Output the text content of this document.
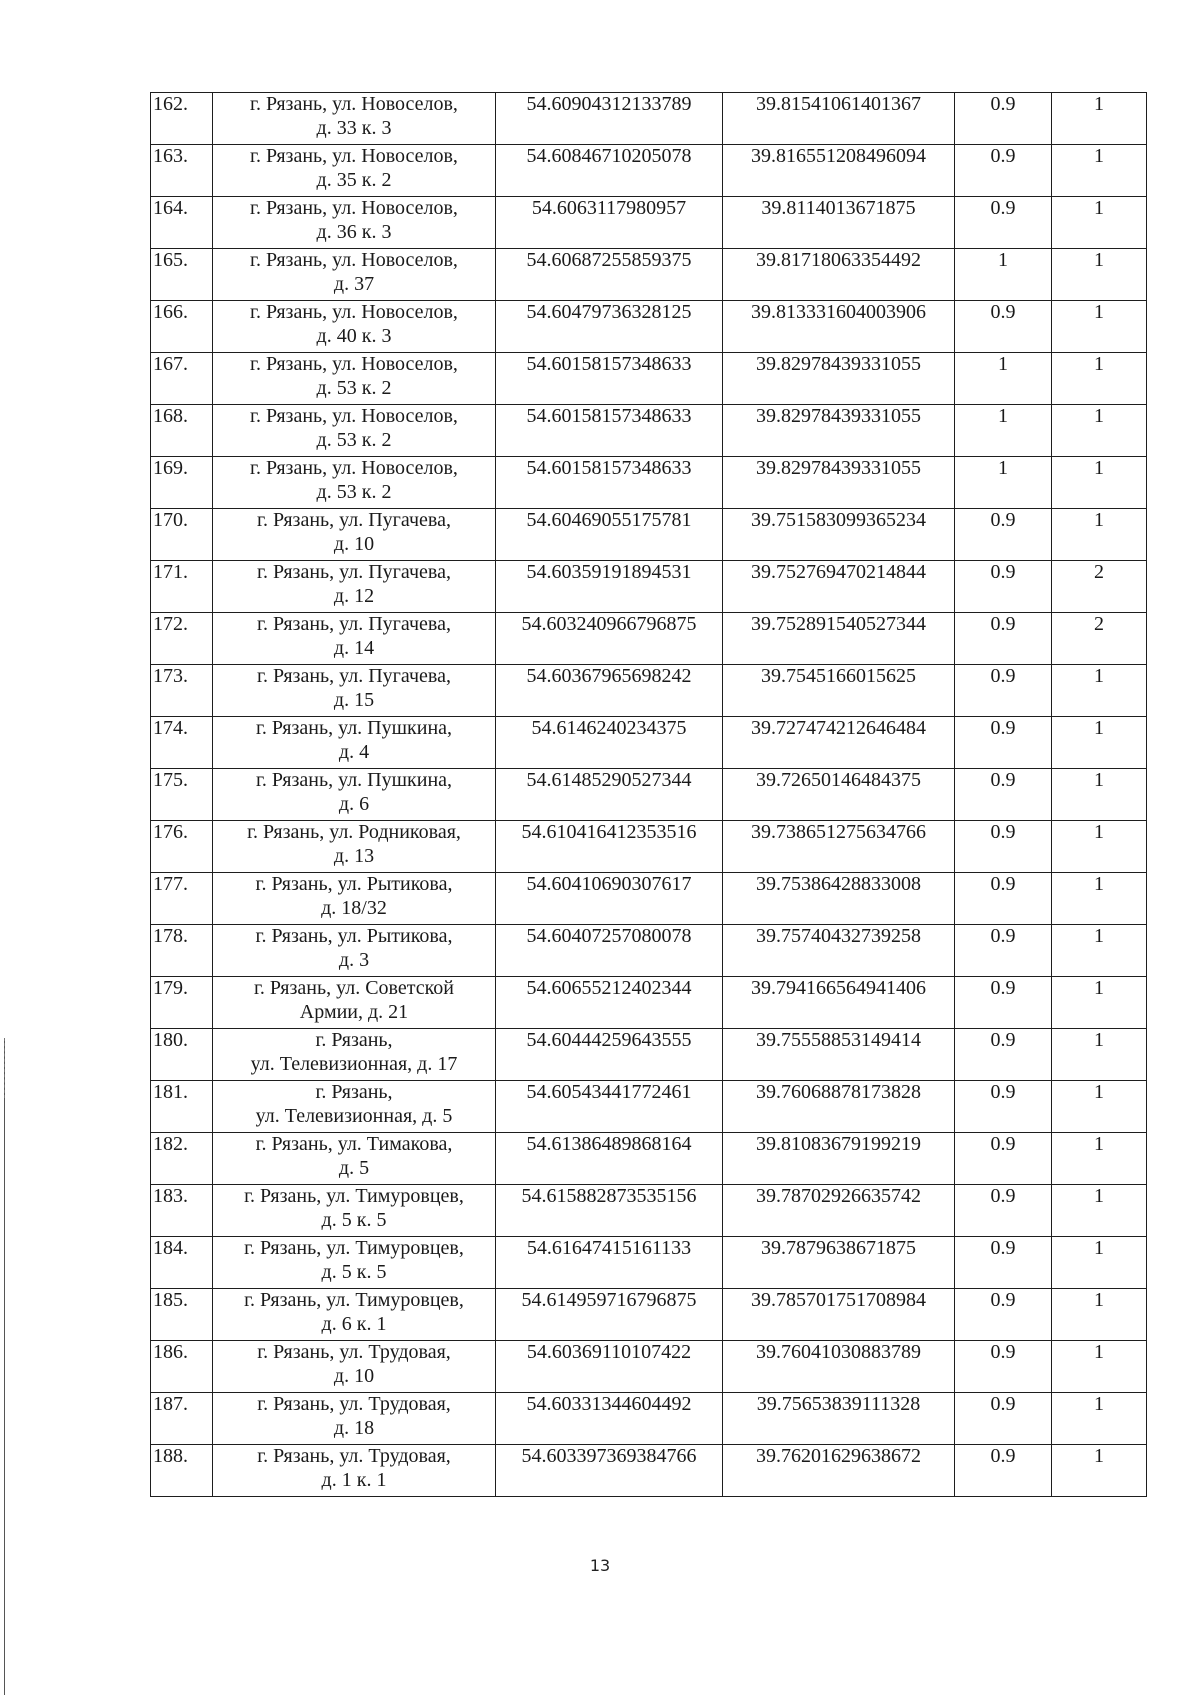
162.	г. Рязань, ул. Новоселов,
д. 33 к. 3	54.60904312133789	39.81541061401367	0.9	1
163.	г. Рязань, ул. Новоселов,
д. 35 к. 2	54.60846710205078	39.816551208496094	0.9	1
164.	г. Рязань, ул. Новоселов,
д. 36 к. 3	54.6063117980957	39.8114013671875	0.9	1
165.	г. Рязань, ул. Новоселов,
д. 37	54.60687255859375	39.81718063354492	1	1
166.	г. Рязань, ул. Новоселов,
д. 40 к. 3	54.60479736328125	39.813331604003906	0.9	1
167.	г. Рязань, ул. Новоселов,
д. 53 к. 2	54.60158157348633	39.82978439331055	1	1
168.	г. Рязань, ул. Новоселов,
д. 53 к. 2	54.60158157348633	39.82978439331055	1	1
169.	г. Рязань, ул. Новоселов,
д. 53 к. 2	54.60158157348633	39.82978439331055	1	1
170.	г. Рязань, ул. Пугачева,
д. 10	54.60469055175781	39.751583099365234	0.9	1
171.	г. Рязань, ул. Пугачева,
д. 12	54.60359191894531	39.752769470214844	0.9	2
172.	г. Рязань, ул. Пугачева,
д. 14	54.603240966796875	39.752891540527344	0.9	2
173.	г. Рязань, ул. Пугачева,
д. 15	54.60367965698242	39.7545166015625	0.9	1
174.	г. Рязань, ул. Пушкина,
д. 4	54.6146240234375	39.727474212646484	0.9	1
175.	г. Рязань, ул. Пушкина,
д. 6	54.61485290527344	39.72650146484375	0.9	1
176.	г. Рязань, ул. Родниковая,
д. 13	54.610416412353516	39.738651275634766	0.9	1
177.	г. Рязань, ул. Рытикова,
д. 18/32	54.60410690307617	39.75386428833008	0.9	1
178.	г. Рязань, ул. Рытикова,
д. 3	54.60407257080078	39.75740432739258	0.9	1
179.	г. Рязань, ул. Советской
Армии, д. 21	54.60655212402344	39.794166564941406	0.9	1
180.	г. Рязань,
ул. Телевизионная, д. 17	54.60444259643555	39.75558853149414	0.9	1
181.	г. Рязань,
ул. Телевизионная, д. 5	54.60543441772461	39.76068878173828	0.9	1
182.	г. Рязань, ул. Тимакова,
д. 5	54.61386489868164	39.81083679199219	0.9	1
183.	г. Рязань, ул. Тимуровцев,
д. 5 к. 5	54.615882873535156	39.78702926635742	0.9	1
184.	г. Рязань, ул. Тимуровцев,
д. 5 к. 5	54.61647415161133	39.7879638671875	0.9	1
185.	г. Рязань, ул. Тимуровцев,
д. 6 к. 1	54.614959716796875	39.785701751708984	0.9	1
186.	г. Рязань, ул. Трудовая,
д. 10	54.60369110107422	39.76041030883789	0.9	1
187.	г. Рязань, ул. Трудовая,
д. 18	54.60331344604492	39.75653839111328	0.9	1
188.	г. Рязань, ул. Трудовая,
д. 1 к. 1	54.603397369384766	39.76201629638672	0.9	1
13
